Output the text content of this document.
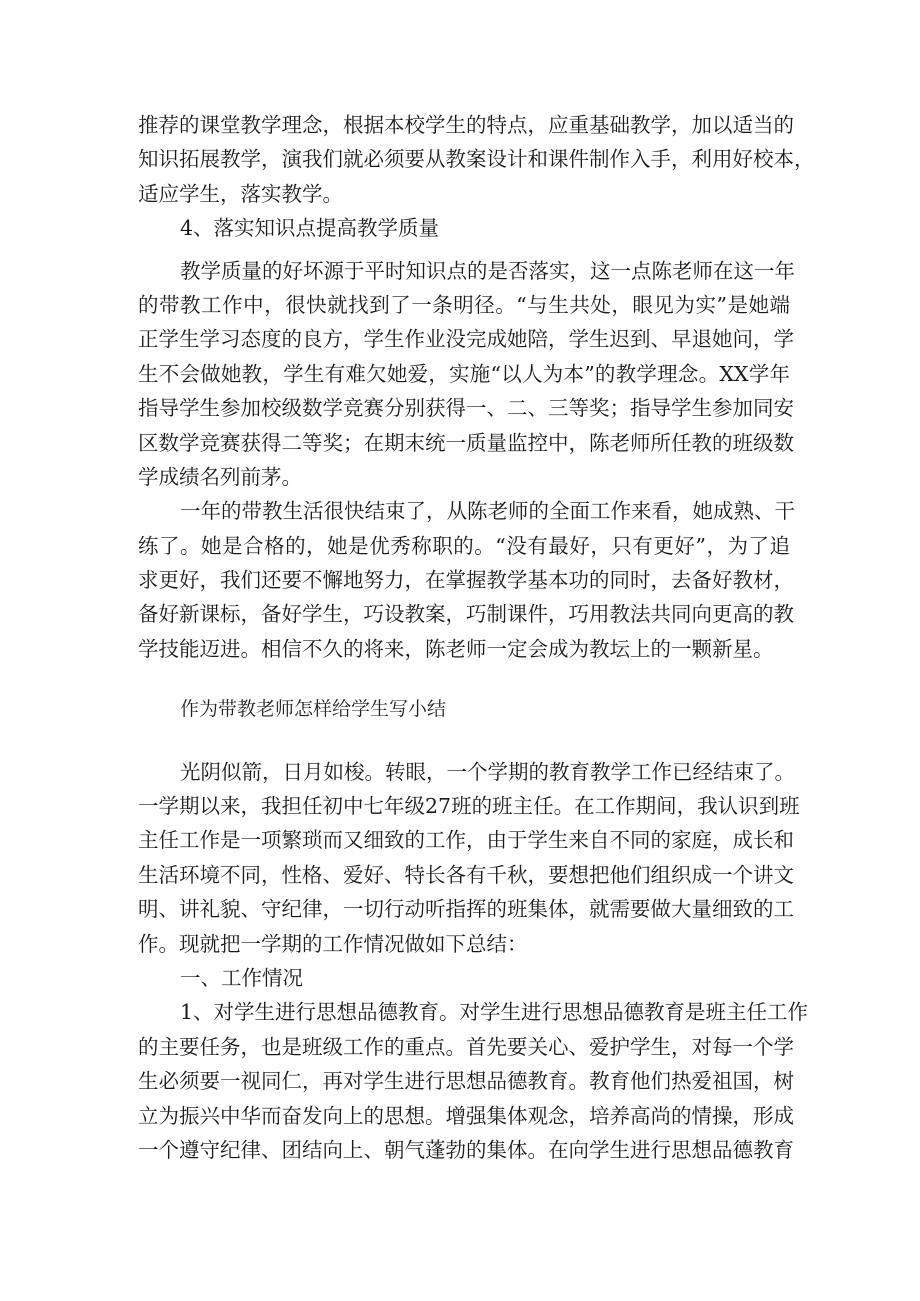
推荐的课堂教学理念，根据本校学生的特点，应重基础教学，加以适当的
知识拓展教学，演我们就必须要从教案设计和课件制作入手，利用好校本，
适应学生，落实教学。
4、落实知识点提高教学质量
教学质量的好坏源于平时知识点的是否落实，这一点陈老师在这一年
的带教工作中，很快就找到了一条明径。“与生共处，眼见为实”是她端
正学生学习态度的良方，学生作业没完成她陪，学生迟到、早退她问，学
生不会做她教，学生有难欠她爱，实施“以人为本”的教学理念。XX学年
指导学生参加校级数学竞赛分别获得一、二、三等奖；指导学生参加同安
区数学竞赛获得二等奖；在期末统一质量监控中，陈老师所任教的班级数
学成绩名列前茅。
一年的带教生活很快结束了，从陈老师的全面工作来看，她成熟、干
练了。她是合格的，她是优秀称职的。“没有最好，只有更好”，为了追
求更好，我们还要不懈地努力，在掌握教学基本功的同时，去备好教材，
备好新课标，备好学生，巧设教案，巧制课件，巧用教法共同向更高的教
学技能迈进。相信不久的将来，陈老师一定会成为教坛上的一颗新星。
作为带教老师怎样给学生写小结
光阴似箭，日月如梭。转眼，一个学期的教育教学工作已经结束了。
一学期以来，我担任初中七年级27班的班主任。在工作期间，我认识到班
主任工作是一项繁琐而又细致的工作，由于学生来自不同的家庭，成长和
生活环境不同，性格、爱好、特长各有千秋，要想把他们组织成一个讲文
明、讲礼貌、守纪律，一切行动听指挥的班集体，就需要做大量细致的工
作。现就把一学期的工作情况做如下总结：
一、工作情况
1、对学生进行思想品德教育。对学生进行思想品德教育是班主任工作
的主要任务，也是班级工作的重点。首先要关心、爱护学生，对每一个学
生必须要一视同仁，再对学生进行思想品德教育。教育他们热爱祖国，树
立为振兴中华而奋发向上的思想。增强集体观念，培养高尚的情操，形成
一个遵守纪律、团结向上、朝气蓬勃的集体。在向学生进行思想品德教育
